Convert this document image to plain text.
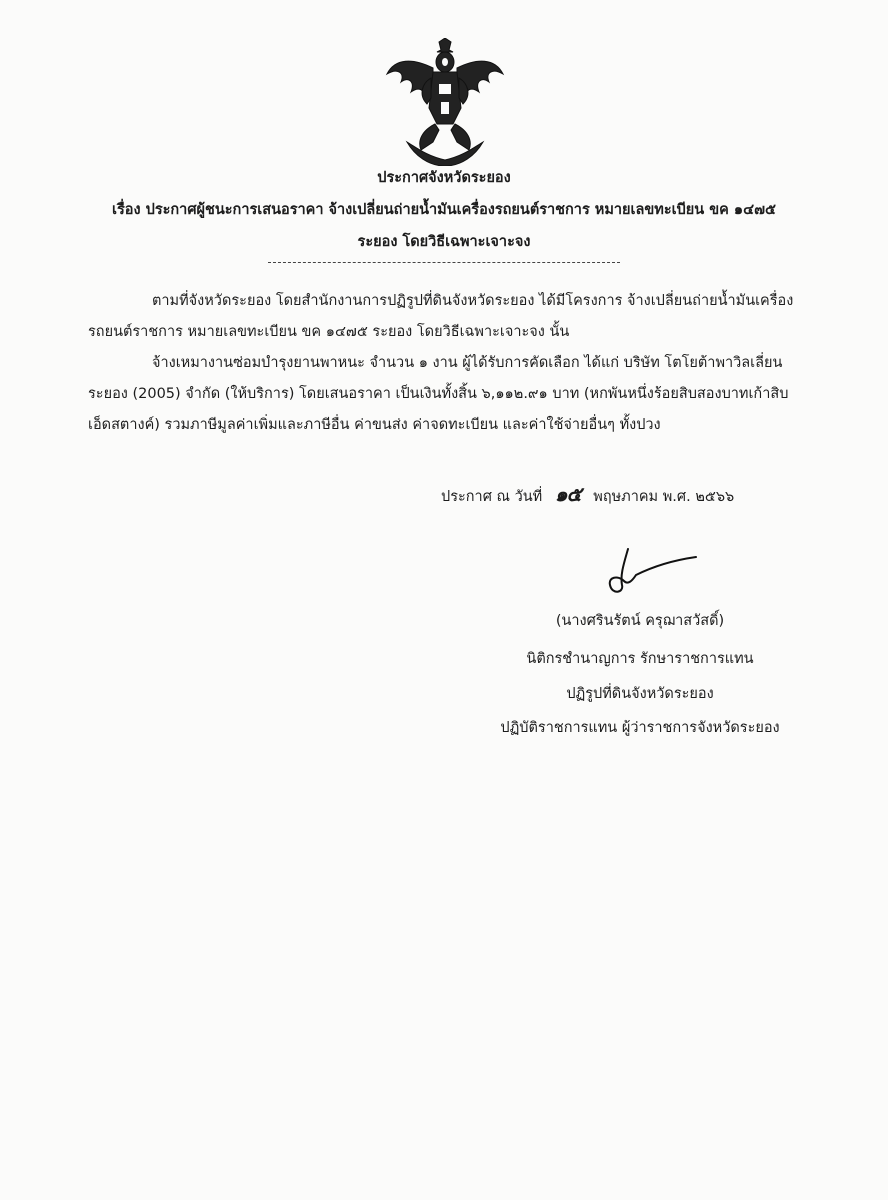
ประกาศจังหวัดระยอง
เรื่อง ประกาศผู้ชนะการเสนอราคา จ้างเปลี่ยนถ่ายน้ำมันเครื่องรถยนต์ราชการ หมายเลขทะเบียน ขค ๑๔๗๕
ระยอง โดยวิธีเฉพาะเจาะจง
ตามที่จังหวัดระยอง โดยสำนักงานการปฏิรูปที่ดินจังหวัดระยอง ได้มีโครงการ จ้างเปลี่ยนถ่ายน้ำมันเครื่องรถยนต์ราชการ หมายเลขทะเบียน ขค ๑๔๗๕ ระยอง โดยวิธีเฉพาะเจาะจง นั้น
จ้างเหมางานซ่อมบำรุงยานพาหนะ จำนวน ๑ งาน ผู้ได้รับการคัดเลือก ได้แก่ บริษัท โตโยต้าพาวิลเลี่ยน ระยอง (2005) จำกัด (ให้บริการ) โดยเสนอราคา เป็นเงินทั้งสิ้น ๖,๑๑๒.๙๑ บาท (หกพันหนึ่งร้อยสิบสองบาทเก้าสิบเอ็ดสตางค์) รวมภาษีมูลค่าเพิ่มและภาษีอื่น ค่าขนส่ง ค่าจดทะเบียน และค่าใช้จ่ายอื่นๆ ทั้งปวง
ประกาศ ณ วันที่ ๑๕ พฤษภาคม พ.ศ. ๒๕๖๖
(นางศรินรัตน์ ครุฌาสวัสดิ์)
นิติกรชำนาญการ รักษาราชการแทน
ปฏิรูปที่ดินจังหวัดระยอง
ปฏิบัติราชการแทน ผู้ว่าราชการจังหวัดระยอง
